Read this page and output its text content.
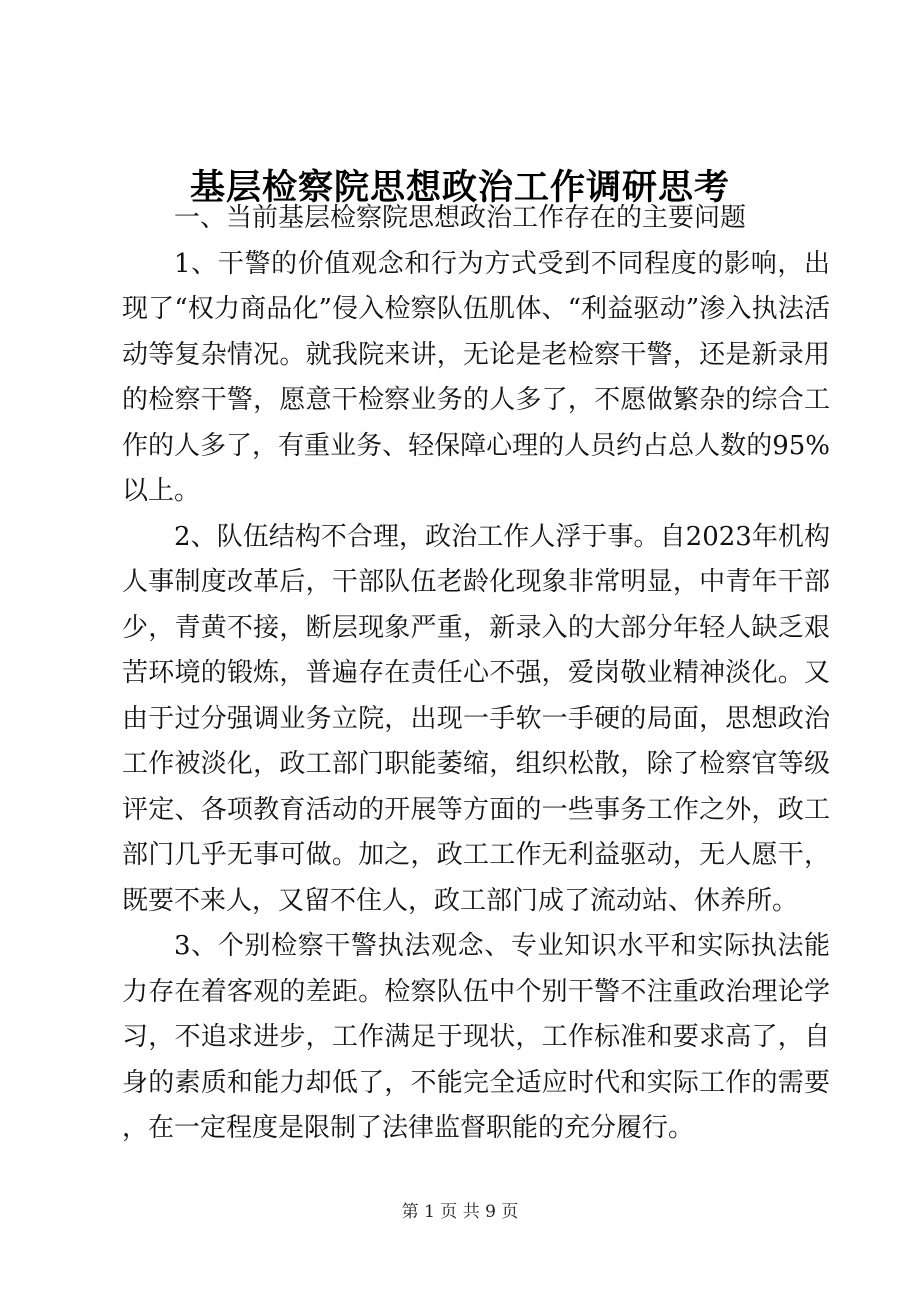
基层检察院思想政治工作调研思考

一、当前基层检察院思想政治工作存在的主要问题

1、干警的价值观念和行为方式受到不同程度的影响，出现了“权力商品化”侵入检察队伍肌体、“利益驱动”渗入执法活动等复杂情况。就我院来讲，无论是老检察干警，还是新录用的检察干警，愿意干检察业务的人多了，不愿做繁杂的综合工作的人多了，有重业务、轻保障心理的人员约占总人数的95%以上。

2、队伍结构不合理，政治工作人浮于事。自2023年机构人事制度改革后，干部队伍老龄化现象非常明显，中青年干部少，青黄不接，断层现象严重，新录入的大部分年轻人缺乏艰苦环境的锻炼，普遍存在责任心不强，爱岗敬业精神淡化。又由于过分强调业务立院，出现一手软一手硬的局面，思想政治工作被淡化，政工部门职能萎缩，组织松散，除了检察官等级评定、各项教育活动的开展等方面的一些事务工作之外，政工部门几乎无事可做。加之，政工工作无利益驱动，无人愿干，既要不来人，又留不住人，政工部门成了流动站、休养所。

3、个别检察干警执法观念、专业知识水平和实际执法能力存在着客观的差距。检察队伍中个别干警不注重政治理论学习，不追求进步，工作满足于现状，工作标准和要求高了，自身的素质和能力却低了，不能完全适应时代和实际工作的需要，在一定程度是限制了法律监督职能的充分履行。

第 1 页 共 9 页
